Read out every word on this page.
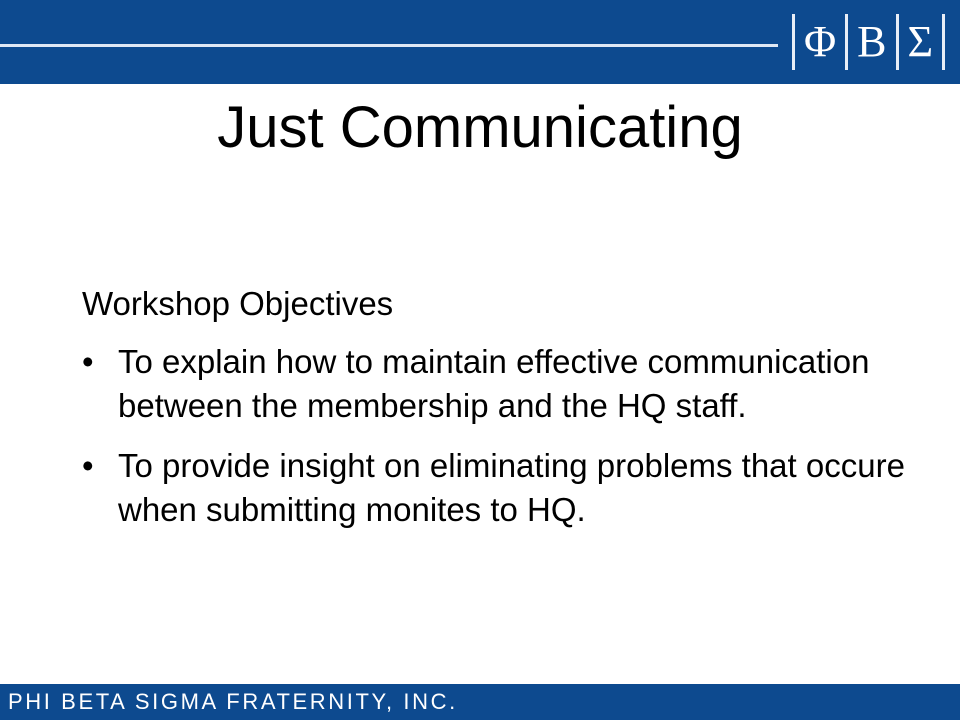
Φ Β Σ
Just Communicating
Workshop Objectives
• To explain how to maintain effective communication between the membership and the HQ staff.
• To provide insight on eliminating problems that occure when submitting monites to HQ.
PHI BETA SIGMA FRATERNITY, INC.
